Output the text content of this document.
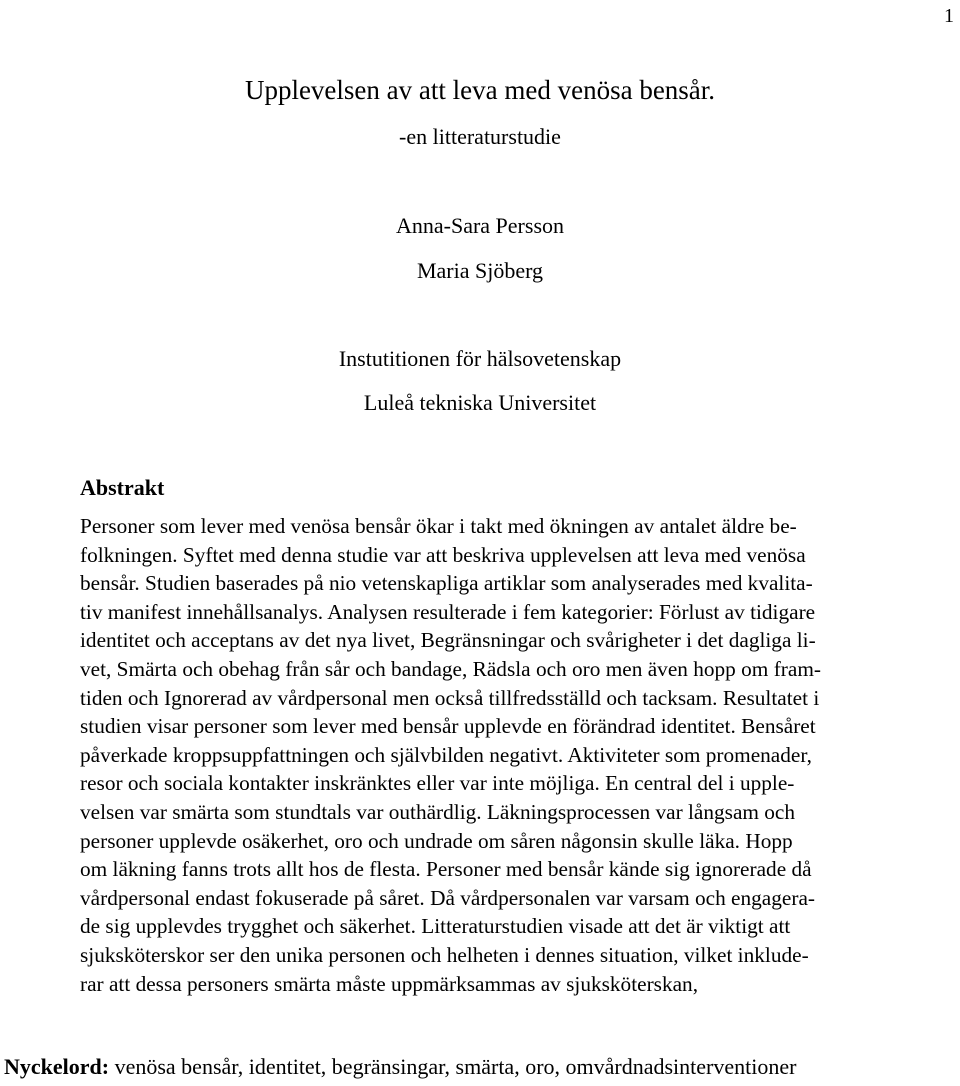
1
Upplevelsen av att leva med venösa bensår.
-en litteraturstudie
Anna-Sara Persson
Maria Sjöberg
Instutitionen för hälsovetenskap
Luleå tekniska Universitet
Abstrakt
Personer som lever med venösa bensår ökar i takt med ökningen av antalet äldre be-
folkningen. Syftet med denna studie var att beskriva upplevelsen att leva med venösa
bensår. Studien baserades på nio vetenskapliga artiklar som analyserades med kvalita-
tiv manifest innehållsanalys. Analysen resulterade i fem kategorier: Förlust av tidigare
identitet och acceptans av det nya livet, Begränsningar och svårigheter i det dagliga li-
vet, Smärta och obehag från sår och bandage, Rädsla och oro men även hopp om fram-
tiden och Ignorerad av vårdpersonal men också tillfredsställd och tacksam. Resultatet i
studien visar personer som lever med bensår upplevde en förändrad identitet. Bensåret
påverkade kroppsuppfattningen och självbilden negativt. Aktiviteter som promenader,
resor och sociala kontakter inskränktes eller var inte möjliga. En central del i upple-
velsen var smärta som stundtals var outhärdlig. Läkningsprocessen var långsam och
personer upplevde osäkerhet, oro och undrade om såren någonsin skulle läka. Hopp
om läkning fanns trots allt hos de flesta. Personer med bensår kände sig ignorerade då
vårdpersonal endast fokuserade på såret. Då vårdpersonalen var varsam och engagera-
de sig upplevdes trygghet och säkerhet. Litteraturstudien visade att det är viktigt att
sjuksköterskor ser den unika personen och helheten i dennes situation, vilket inklude-
rar att dessa personers smärta måste uppmärksammas av sjuksköterskan,
Nyckelord: venösa bensår, identitet, begränsingar, smärta, oro, omvårdnadsinterventioner
